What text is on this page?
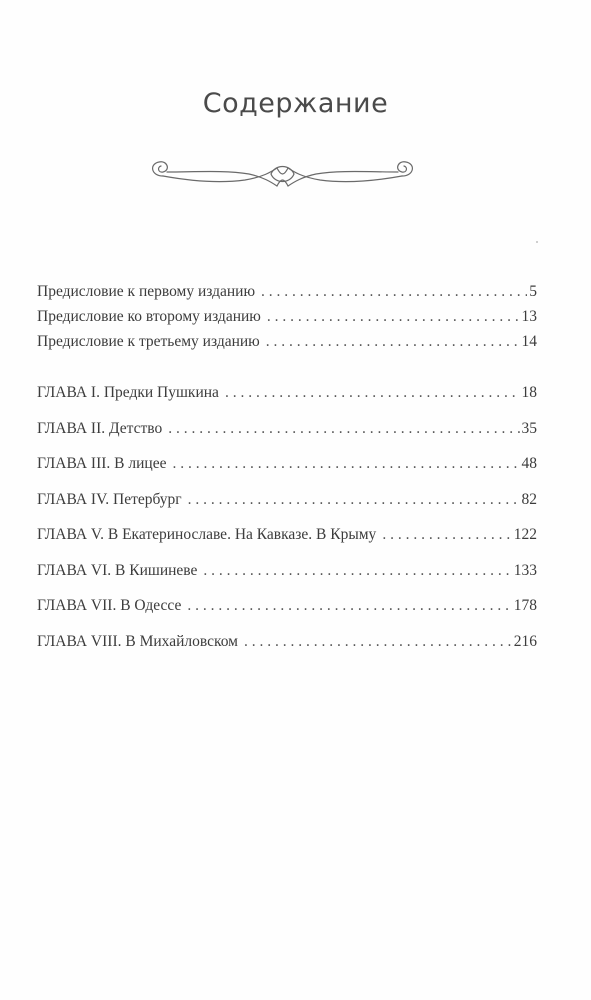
Содержание
Предисловие к первому изданию . . .	5
Предисловие ко второму изданию . . .	13
Предисловие к третьему изданию . . .	14
ГЛАВА I. Предки Пушкина . . .	18
ГЛАВА II. Детство . . .	35
ГЛАВА III. В лицее . . .	48
ГЛАВА IV. Петербург . . .	82
ГЛАВА V. В Екатеринославе. На Кавказе. В Крыму . . .	122
ГЛАВА VI. В Кишиневе . . .	133
ГЛАВА VII. В Одессе . . .	178
ГЛАВА VIII. В Михайловском . . .	216
